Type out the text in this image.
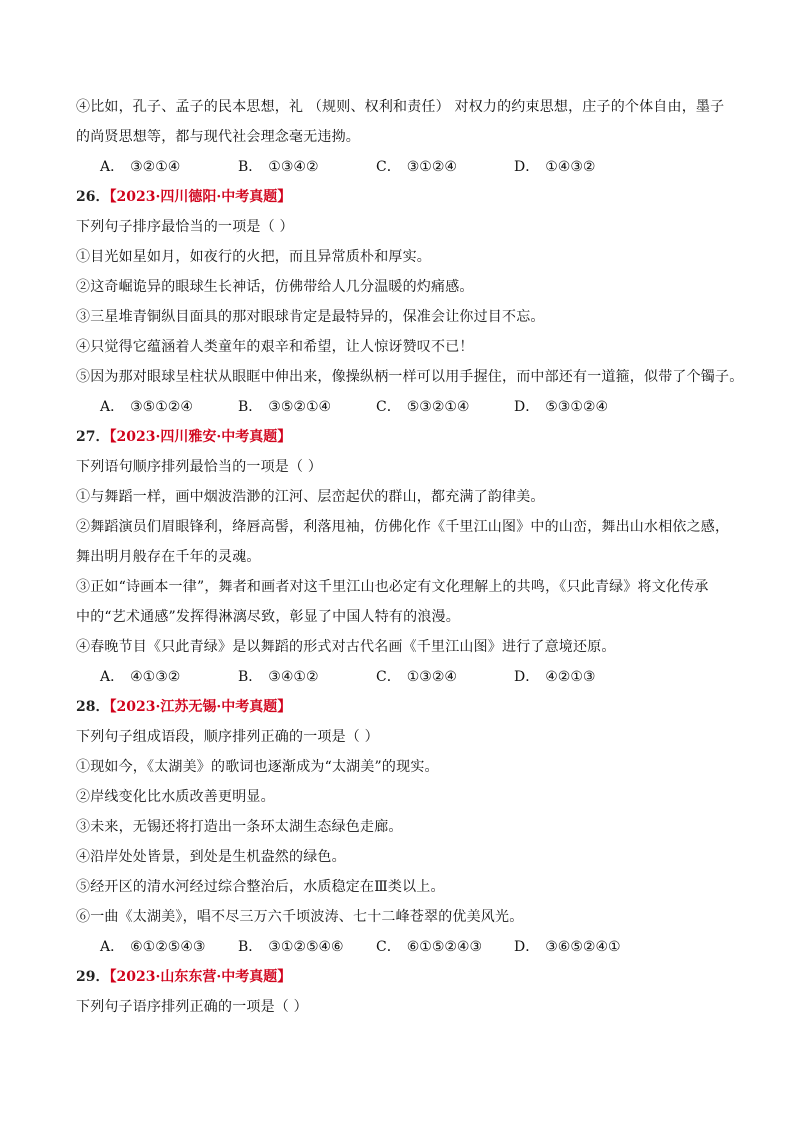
④比如，孔子、孟子的民本思想，礼 （规则、权利和责任） 对权力的约束思想，庄子的个体自由，墨子
的尚贤思想等，都与现代社会理念毫无违拗。
A． ③②①④	B． ①③④②	C． ③①②④	D． ①④③②
26．【2023·四川德阳·中考真题】
下列句子排序最恰当的一项是（ ）
①目光如星如月，如夜行的火把，而且异常质朴和厚实。
②这奇崛诡异的眼球生长神话，仿佛带给人几分温暖的灼痛感。
③三星堆青铜纵目面具的那对眼球肯定是最特异的，保准会让你过目不忘。
④只觉得它蕴涵着人类童年的艰辛和希望，让人惊讶赞叹不已！
⑤因为那对眼球呈柱状从眼眶中伸出来，像操纵柄一样可以用手握住，而中部还有一道箍，似带了个镯子。
A． ③⑤①②④	B． ③⑤②①④	C． ⑤③②①④	D． ⑤③①②④
27．【2023·四川雅安·中考真题】
下列语句顺序排列最恰当的一项是（ ）
①与舞蹈一样，画中烟波浩渺的江河、层峦起伏的群山，都充满了韵律美。
②舞蹈演员们眉眼锋利，绛唇高髻，利落甩袖，仿佛化作《千里江山图》中的山峦，舞出山水相依之感，
舞出明月般存在千年的灵魂。
③正如“诗画本一律”，舞者和画者对这千里江山也必定有文化理解上的共鸣，《只此青绿》将文化传承
中的“艺术通感”发挥得淋漓尽致，彰显了中国人特有的浪漫。
④春晚节目《只此青绿》是以舞蹈的形式对古代名画《千里江山图》进行了意境还原。
A． ④①③②	B． ③④①②	C． ①③②④	D． ④②①③
28．【2023·江苏无锡·中考真题】
下列句子组成语段，顺序排列正确的一项是（ ）
①现如今，《太湖美》的歌词也逐渐成为“太湖美”的现实。
②岸线变化比水质改善更明显。
③未来，无锡还将打造出一条环太湖生态绿色走廊。
④沿岸处处皆景，到处是生机盎然的绿色。
⑤经开区的清水河经过综合整治后，水质稳定在Ⅲ类以上。
⑥一曲《太湖美》，唱不尽三万六千顷波涛、七十二峰苍翠的优美风光。
A． ⑥①②⑤④③	B． ③①②⑤④⑥	C． ⑥①⑤②④③	D． ③⑥⑤②④①
29．【2023·山东东营·中考真题】
下列句子语序排列正确的一项是（ ）
